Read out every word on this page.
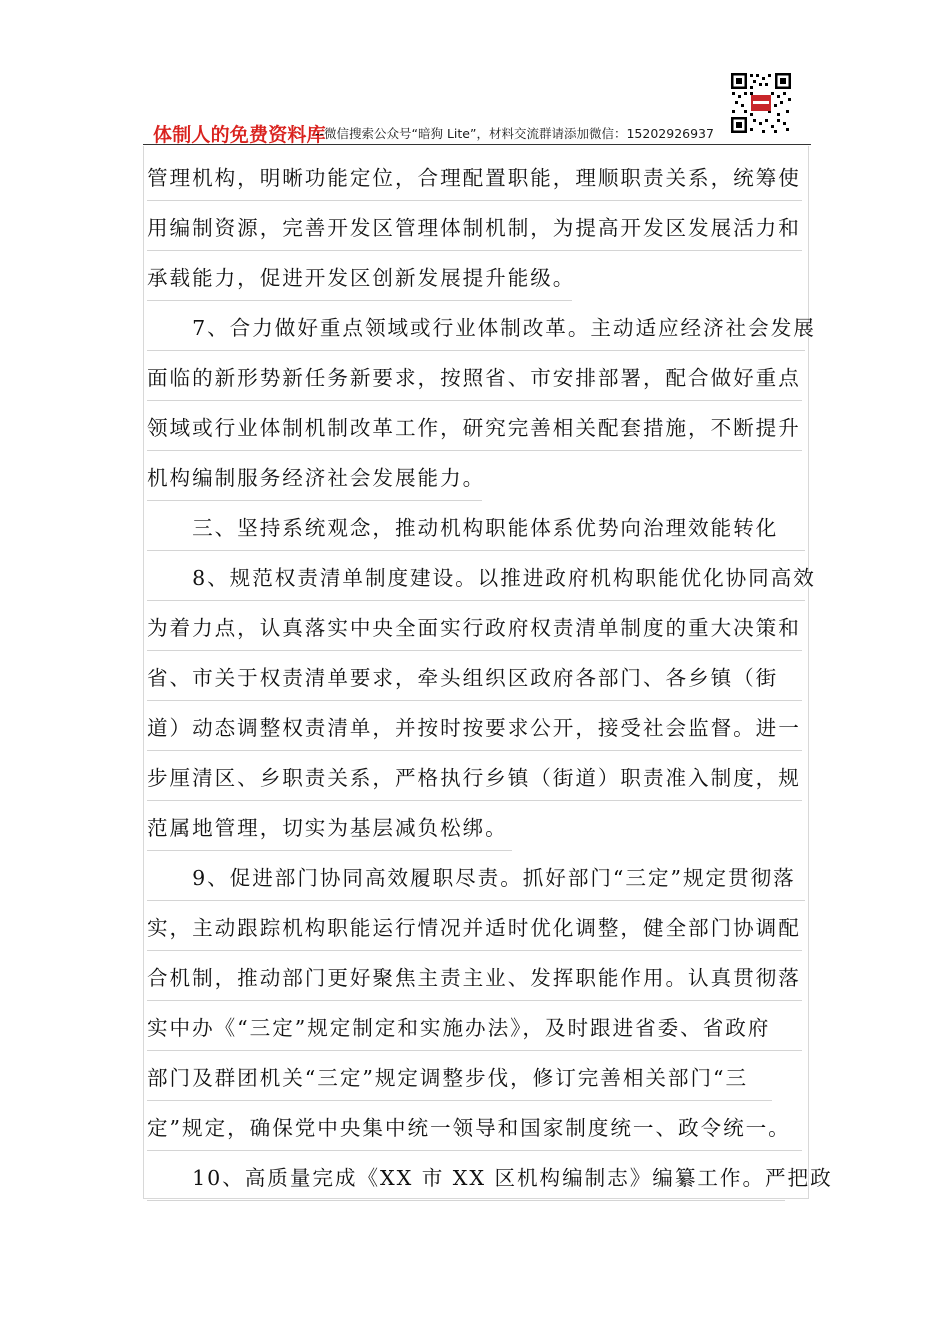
体制人的免费资料库
--微信搜索公众号“暗狗 Lite”，材料交流群请添加微信：15202926937
管理机构，明晰功能定位，合理配置职能，理顺职责关系，统筹使
用编制资源，完善开发区管理体制机制，为提高开发区发展活力和
承载能力，促进开发区创新发展提升能级。
　　7、合力做好重点领域或行业体制改革。主动适应经济社会发展
面临的新形势新任务新要求，按照省、市安排部署，配合做好重点
领域或行业体制机制改革工作，研究完善相关配套措施，不断提升
机构编制服务经济社会发展能力。
　　三、坚持系统观念，推动机构职能体系优势向治理效能转化
　　8、规范权责清单制度建设。以推进政府机构职能优化协同高效
为着力点，认真落实中央全面实行政府权责清单制度的重大决策和
省、市关于权责清单要求，牵头组织区政府各部门、各乡镇（街
道）动态调整权责清单，并按时按要求公开，接受社会监督。进一
步厘清区、乡职责关系，严格执行乡镇（街道）职责准入制度，规
范属地管理，切实为基层减负松绑。
　　9、促进部门协同高效履职尽责。抓好部门“三定”规定贯彻落
实，主动跟踪机构职能运行情况并适时优化调整，健全部门协调配
合机制，推动部门更好聚焦主责主业、发挥职能作用。认真贯彻落
实中办《“三定”规定制定和实施办法》，及时跟进省委、省政府
部门及群团机关“三定”规定调整步伐，修订完善相关部门“三
定”规定，确保党中央集中统一领导和国家制度统一、政令统一。
　　10、高质量完成《XX 市 XX 区机构编制志》编纂工作。严把政
